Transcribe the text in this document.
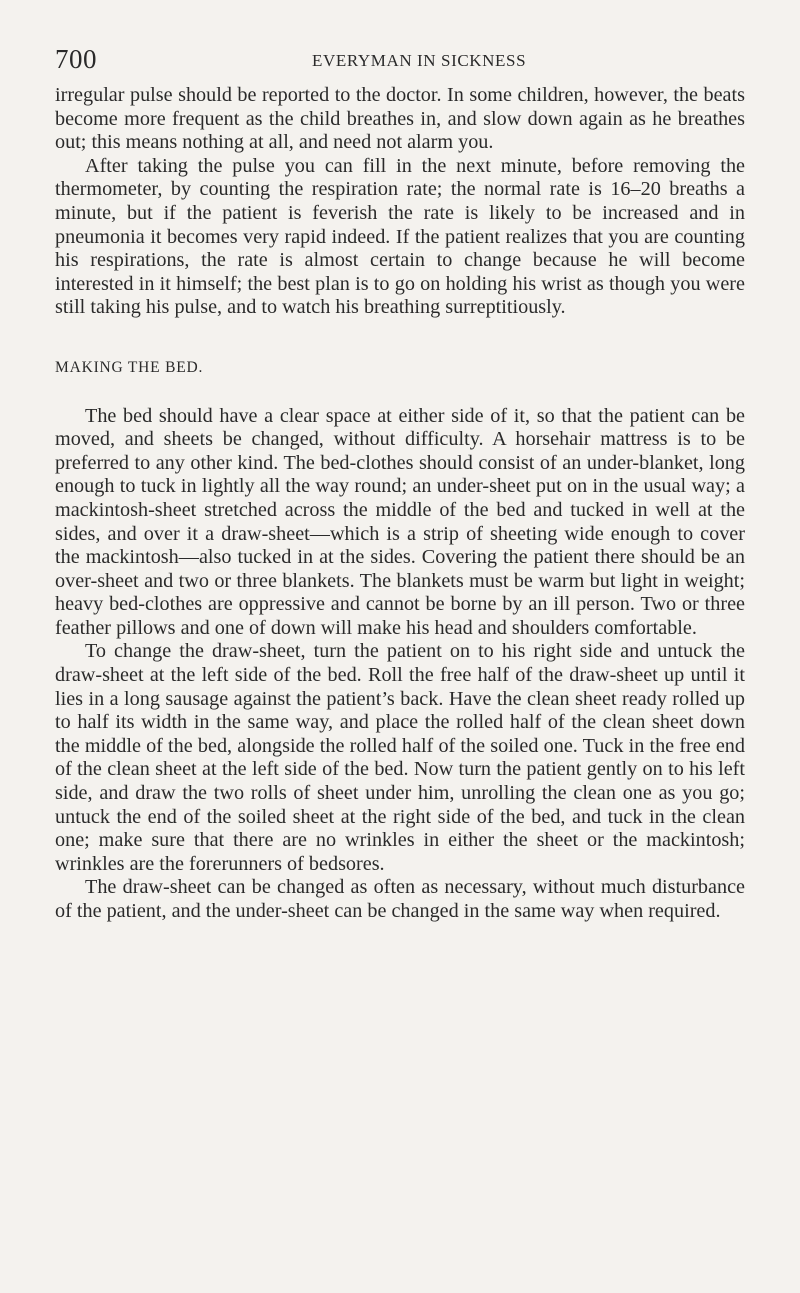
700	EVERYMAN IN SICKNESS

irregular pulse should be reported to the doctor. In some children, however, the beats become more frequent as the child breathes in, and slow down again as he breathes out; this means nothing at all, and need not alarm you.

After taking the pulse you can fill in the next minute, before removing the thermometer, by counting the respiration rate; the normal rate is 16–20 breaths a minute, but if the patient is feverish the rate is likely to be increased and in pneumonia it becomes very rapid indeed. If the patient realizes that you are counting his respirations, the rate is almost certain to change because he will become interested in it himself; the best plan is to go on holding his wrist as though you were still taking his pulse, and to watch his breathing surreptitiously.

MAKING THE BED.

The bed should have a clear space at either side of it, so that the patient can be moved, and sheets be changed, without difficulty. A horsehair mattress is to be preferred to any other kind. The bed-clothes should consist of an under-blanket, long enough to tuck in lightly all the way round; an under-sheet put on in the usual way; a mackintosh-sheet stretched across the middle of the bed and tucked in well at the sides, and over it a draw-sheet—which is a strip of sheeting wide enough to cover the mackintosh—also tucked in at the sides. Covering the patient there should be an over-sheet and two or three blankets. The blankets must be warm but light in weight; heavy bed-clothes are oppressive and cannot be borne by an ill person. Two or three feather pillows and one of down will make his head and shoulders comfortable.

To change the draw-sheet, turn the patient on to his right side and untuck the draw-sheet at the left side of the bed. Roll the free half of the draw-sheet up until it lies in a long sausage against the patient’s back. Have the clean sheet ready rolled up to half its width in the same way, and place the rolled half of the clean sheet down the middle of the bed, alongside the rolled half of the soiled one. Tuck in the free end of the clean sheet at the left side of the bed. Now turn the patient gently on to his left side, and draw the two rolls of sheet under him, unrolling the clean one as you go; untuck the end of the soiled sheet at the right side of the bed, and tuck in the clean one; make sure that there are no wrinkles in either the sheet or the mackintosh; wrinkles are the forerunners of bedsores.

The draw-sheet can be changed as often as necessary, without much disturbance of the patient, and the under-sheet can be changed in the same way when required.
